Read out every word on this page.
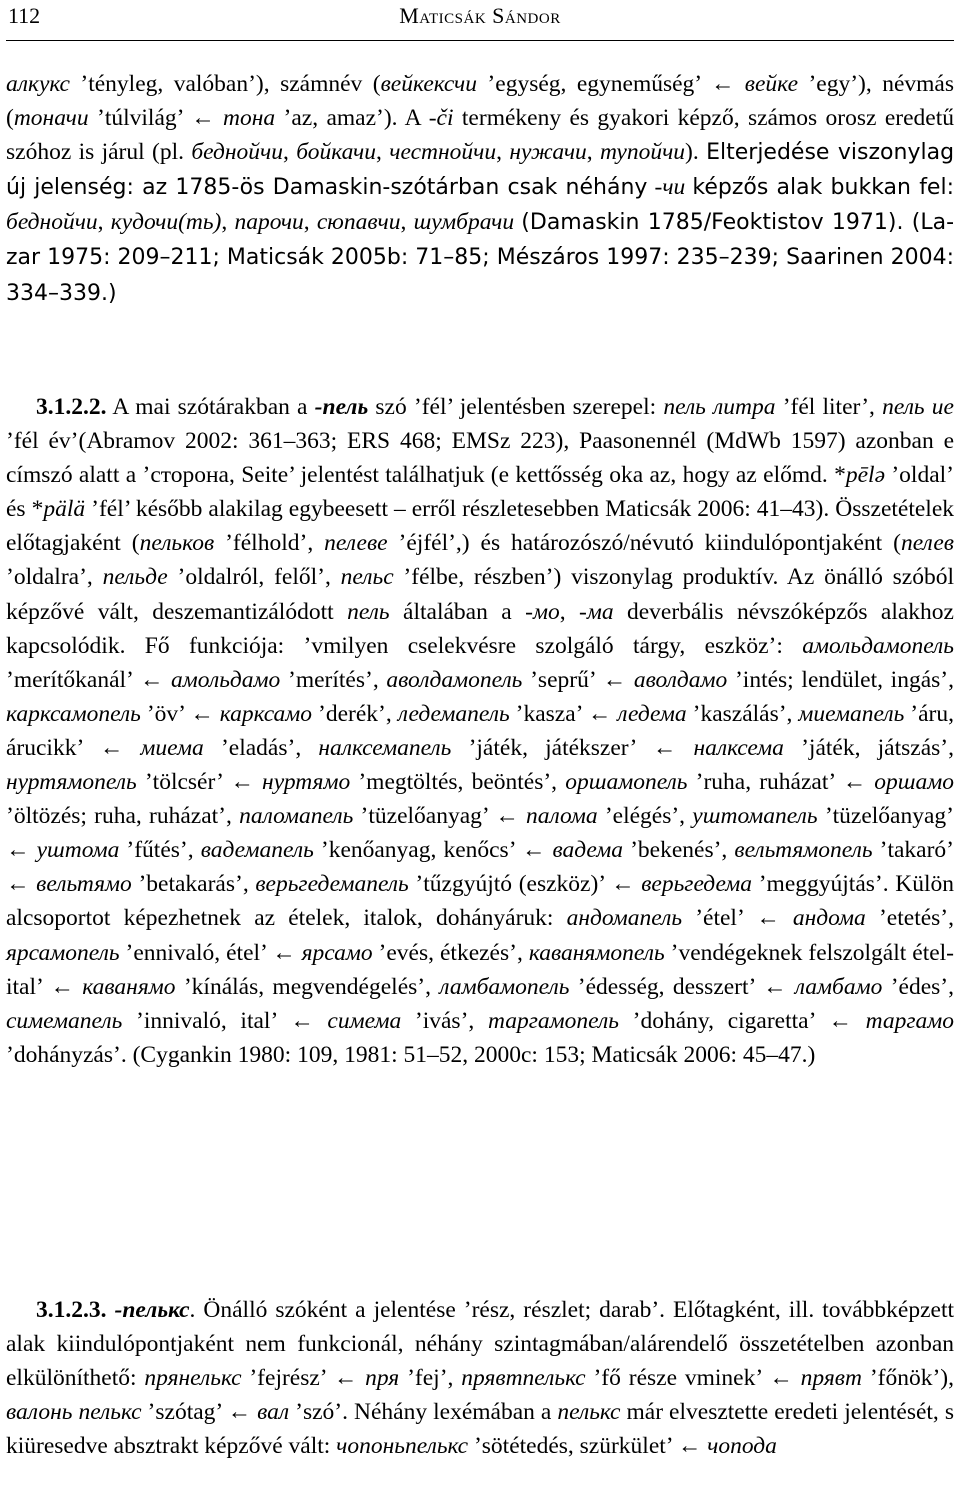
112	Maticsák Sándor

алкукс ’tényleg, valóban’), számnév (вейкексчи ’egység, egyneműség’ ← вейке ’egy’), névmás (тоначи ’túlvilág’ ← тона ’az, amaz’). A -či termékeny és gyakori képző, számos orosz eredetű szóhoz is járul (pl. беднойчи, бойкачи, честнойчи, нужачи, тупойчи). Elterjedése viszonylag új jelenség: az 1785-ös Damaskin-szótárban csak néhány -чи képzős alak bukkan fel: беднойчи, кудочи(ть), парочи, сюпавчи, шумбрачи (Damaskin 1785/Feoktistov 1971). (Lazar 1975: 209–211; Maticsák 2005b: 71–85; Mészáros 1997: 235–239; Saarinen 2004: 334–339.)

3.1.2.2. A mai szótárakban a -пель szó ’fél’ jelentésben szerepel: пель литра ’fél liter’, пель ие ’fél év’(Abramov 2002: 361–363; ERS 468; EMSz 223), Paasonennél (MdWb 1597) azonban e címszó alatt a ’сторона, Seite’ jelentést találhatjuk (e kettősség oka az, hogy az előmd. *pēlə ’oldal’ és *pälä ’fél’ később alakilag egybeesett – erről részletesebben Maticsák 2006: 41–43). Összetételek előtagjaként (пельков ’félhold’, пелеве ’éjfél’,) és határozószó/névutó kiindulópontjaként (пелев ’oldalra’, пельде ’oldalról, felől’, пельс ’félbe, részben’) viszonylag produktív. Az önálló szóból képzővé vált, deszemantizálódott пель általában a -мо, -ма deverbális névszóképzős alakhoz kapcsolódik. Fő funkciója: ’vmilyen cselekvésre szolgáló tárgy, eszköz’: амольдамопель ’merítőkanál’ ← амольдамо ’merítés’, аволдамопель ’seprű’ ← аволдамо ’intés; lendület, ingás’, карксамопель ’öv’ ← карксамо ’derék’, ледемапель ’kasza’ ← ледема ’kaszálás’, миемапель ’áru, árucikk’ ← миема ’eladás’, налксемапель ’játék, játékszer’ ← налксема ’játék, játszás’, нуртямопель ’tölcsér’ ← нуртямо ’megtöltés, beöntés’, оршамопель ’ruha, ruházat’ ← оршамо ’öltözés; ruha, ruházat’, паломапель ’tüzelőanyag’ ← палома ’elégés’, уштомапель ’tüzelőanyag’ ← уштома ’fűtés’, вадемапель ’kenőanyag, kenőcs’ ← вадема ’bekenés’, вельтямопель ’takaró’ ← вельтямо ’betakarás’, верьгедемапель ’tűzgyújtó (eszköz)’ ← верьгедема ’meggyújtás’. Külön alcsoportot képezhetnek az ételek, italok, dohányáruk: андомапель ’étel’ ← андома ’etetés’, ярсамопель ’ennivaló, étel’ ← ярсамо ’evés, étkezés’, каванямопель ’vendégeknek felszolgált étel-ital’ ← каванямо ’kínálás, megvendégelés’, ламбамопель ’édesség, desszert’ ← ламбамо ’édes’, симемапель ’innivaló, ital’ ← симема ’ivás’, таргамопель ’dohány, cigaretta’ ← таргамо ’dohányzás’. (Cygankin 1980: 109, 1981: 51–52, 2000c: 153; Maticsák 2006: 45–47.)

3.1.2.3. -пелькс. Önálló szóként a jelentése ’rész, részlet; darab’. Előtagként, ill. továbbképzett alak kiindulópontjaként nem funkcionál, néhány szintagmában/alárendelő összetételben azonban elkülöníthető: прянелькс ’fejrész’ ← пря ’fej’, прявтпелькс ’fő része vminek’ ← прявт ’főnök’), валонь пелькс ’szótag’ ← вал ’szó’. Néhány lexémában a пелькс már elvesztette eredeti jelentését, s kiüresedve absztrakt képzővé vált: чопоньпелькс ’sötétedés, szürkület’ ← чопода
